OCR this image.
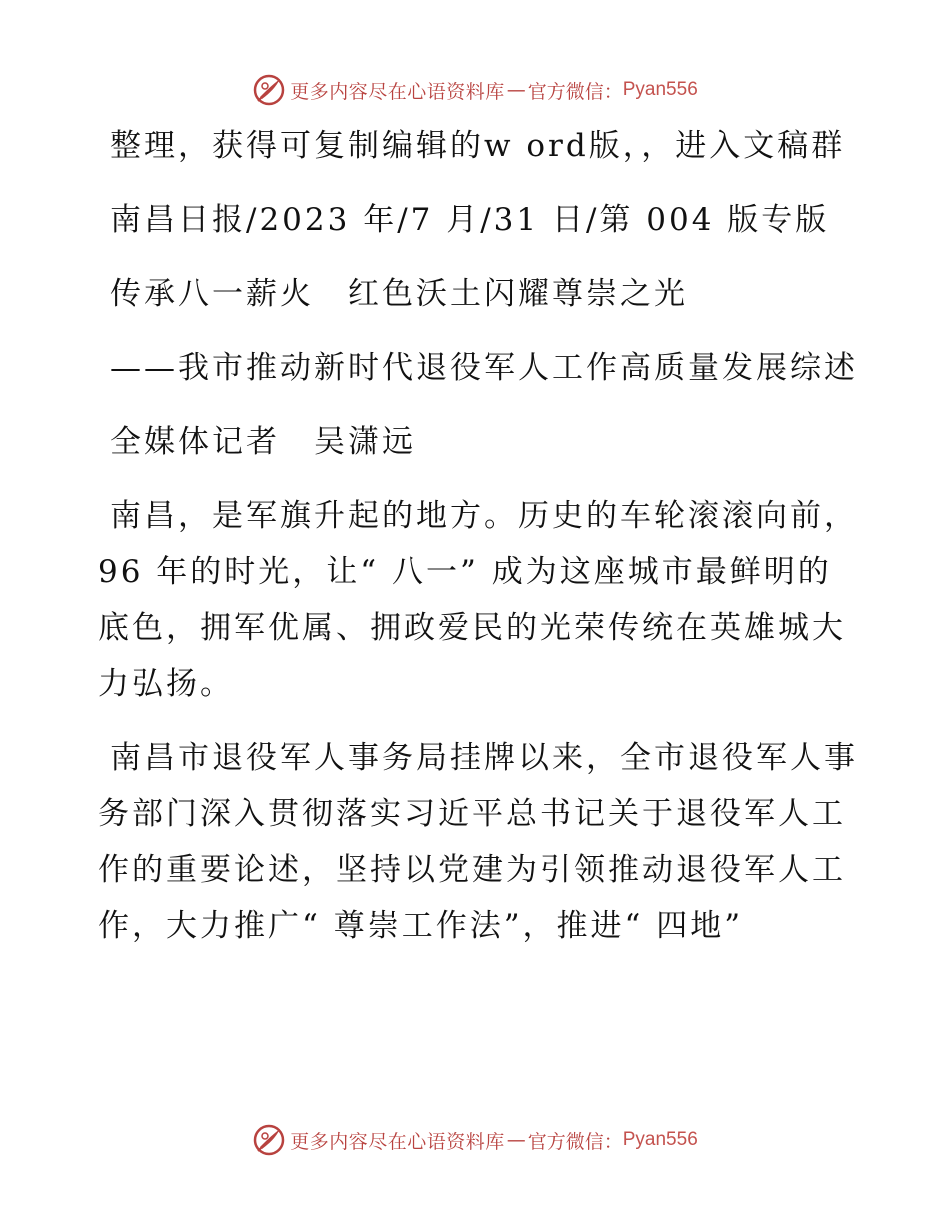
更多内容尽在心语资料库 — 官方微信： Pyan556

整理，获得可复制编辑的w ord版，，进入文稿群

南昌日报/2023 年/7 月/31 日/第 004 版专版

传承八一薪火　红色沃土闪耀尊崇之光

——我市推动新时代退役军人工作高质量发展综述

全媒体记者　吴潇远

南昌，是军旗升起的地方。历史的车轮滚滚向前，96 年的时光，让“ 八一” 成为这座城市最鲜明的底色，拥军优属、拥政爱民的光荣传统在英雄城大力弘扬。

南昌市退役军人事务局挂牌以来，全市退役军人事务部门深入贯彻落实习近平总书记关于退役军人工作的重要论述，坚持以党建为引领推动退役军人工作，大力推广“ 尊崇工作法”，推进“ 四地”

更多内容尽在心语资料库 — 官方微信： Pyan556
